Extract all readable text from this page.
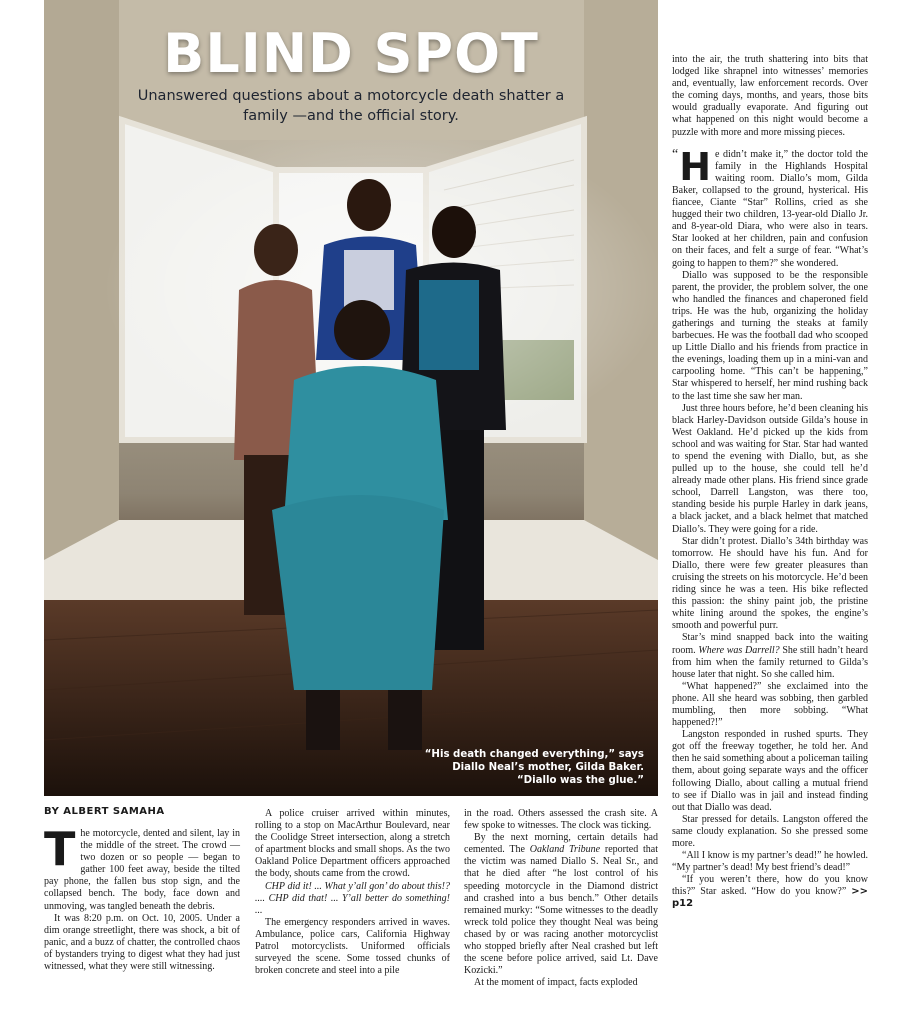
BLIND SPOT
Unanswered questions about a motorcycle death shatter a family —and the official story.
“His death changed everything,” says
Diallo Neal’s mother, Gilda Baker.
“Diallo was the glue.”
BY ALBERT SAMAHA

The motorcycle, dented and silent, lay in the middle of the street. The crowd — two dozen or so people — began to gather 100 feet away, beside the tilted pay phone, the fallen bus stop sign, and the collapsed bench. The body, face down and unmoving, was tangled beneath the debris.

It was 8:20 p.m. on Oct. 10, 2005. Under a dim orange streetlight, there was shock, a bit of panic, and a buzz of chatter, the controlled chaos of bystanders trying to digest what they had just witnessed, what they were still witnessing.

A police cruiser arrived within minutes, rolling to a stop on MacArthur Boulevard, near the Coolidge Street intersection, along a stretch of apartment blocks and small shops. As the two Oakland Police Department officers approached the body, shouts came from the crowd.

CHP did it! ... What y’all gon’ do about this!? .... CHP did that! ... Y’all better do something! ...

The emergency responders arrived in waves. Ambulance, police cars, California Highway Patrol motorcyclists. Uniformed officials surveyed the scene. Some tossed chunks of broken concrete and steel into a pile

in the road. Others assessed the crash site. A few spoke to witnesses. The clock was ticking.

By the next morning, certain details had cemented. The Oakland Tribune reported that the victim was named Diallo S. Neal Sr., and that he died after “he lost control of his speeding motorcycle in the Diamond district and crashed into a bus bench.” Other details remained murky: “Some witnesses to the deadly wreck told police they thought Neal was being chased by or was racing another motorcyclist who stopped briefly after Neal crashed but left the scene before police arrived, said Lt. Dave Kozicki.”

At the moment of impact, facts exploded

into the air, the truth shattering into bits that lodged like shrapnel into witnesses’ memories and, eventually, law enforcement records. Over the coming days, months, and years, those bits would gradually evaporate. And figuring out what happened on this night would become a puzzle with more and more missing pieces.

“ H e didn’t make it,” the doctor told the family in the Highlands Hospital waiting room. Diallo’s mom, Gilda Baker, collapsed to the ground, hysterical. His fiancee, Ciante “Star” Rollins, cried as she hugged their two children, 13-year-old Diallo Jr. and 8-year-old Diara, who were also in tears. Star looked at her children, pain and confusion on their faces, and felt a surge of fear. “What’s going to happen to them?” she wondered.

Diallo was supposed to be the responsible parent, the provider, the problem solver, the one who handled the finances and chaperoned field trips. He was the hub, organizing the holiday gatherings and turning the steaks at family barbecues. He was the football dad who scooped up Little Diallo and his friends from practice in the evenings, loading them up in a mini-van and carpooling home. “This can’t be happening,” Star whispered to herself, her mind rushing back to the last time she saw her man.

Just three hours before, he’d been cleaning his black Harley-Davidson outside Gilda’s house in West Oakland. He’d picked up the kids from school and was waiting for Star. Star had wanted to spend the evening with Diallo, but, as she pulled up to the house, she could tell he’d already made other plans. His friend since grade school, Darrell Langston, was there too, standing beside his purple Harley in dark jeans, a black jacket, and a black helmet that matched Diallo’s. They were going for a ride.

Star didn’t protest. Diallo’s 34th birthday was tomorrow. He should have his fun. And for Diallo, there were few greater pleasures than cruising the streets on his motorcycle. He’d been riding since he was a teen. His bike reflected this passion: the shiny paint job, the pristine white lining around the spokes, the engine’s smooth and powerful purr.

Star’s mind snapped back into the waiting room. Where was Darrell? She still hadn’t heard from him when the family returned to Gilda’s house later that night. So she called him.

“What happened?” she exclaimed into the phone. All she heard was sobbing, then garbled mumbling, then more sobbing. “What happened?!”

Langston responded in rushed spurts. They got off the freeway together, he told her. And then he said something about a policeman tailing them, about going separate ways and the officer following Diallo, about calling a mutual friend to see if Diallo was in jail and instead finding out that Diallo was dead.

Star pressed for details. Langston offered the same cloudy explanation. So she pressed some more.

“All I know is my partner’s dead!” he howled. “My partner’s dead! My best friend’s dead!”

“If you weren’t there, how do you know this?” Star asked. “How do you know?” >> p12
